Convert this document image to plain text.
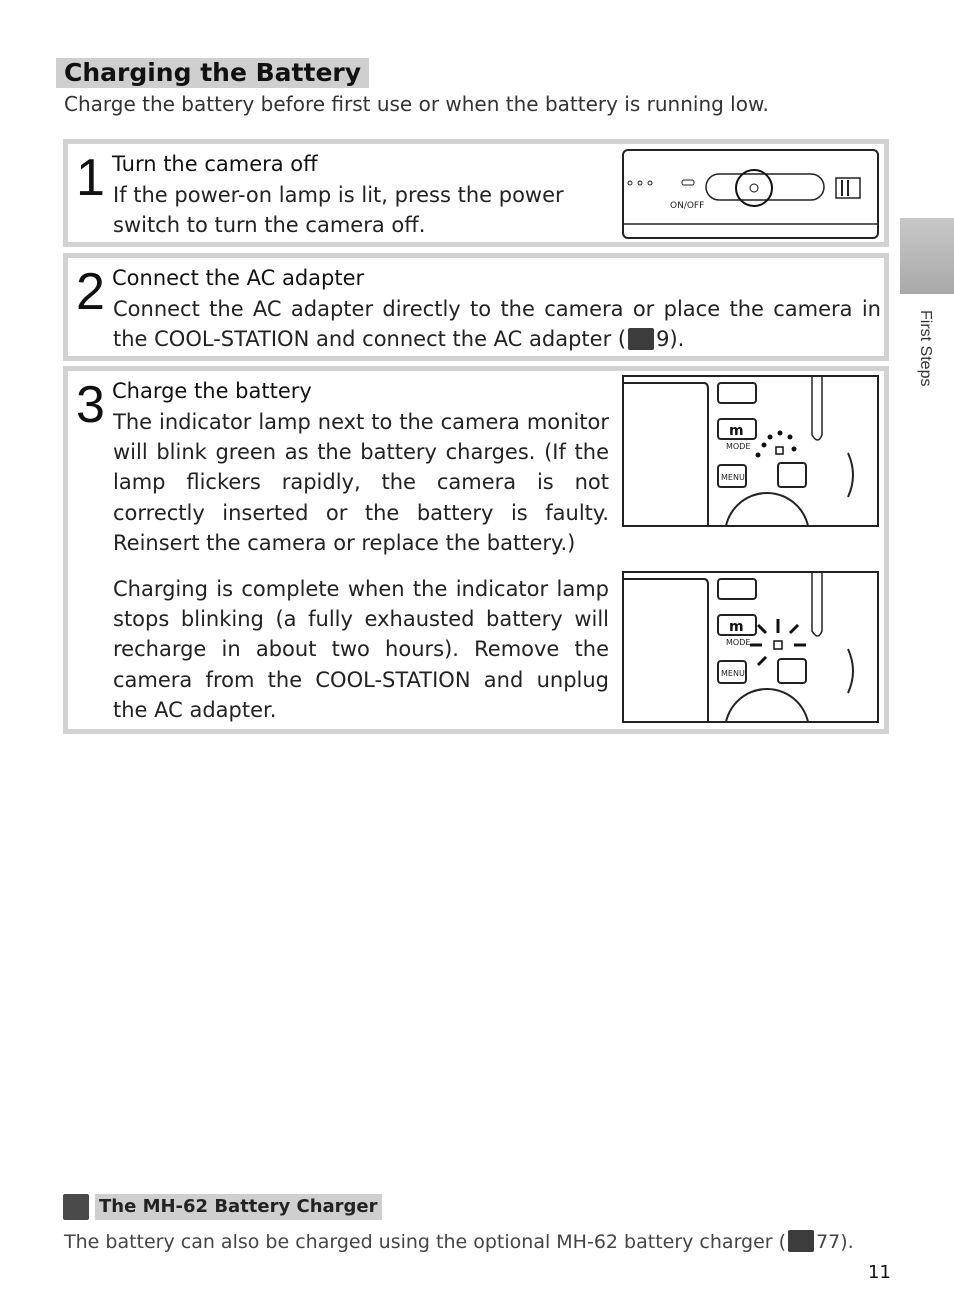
Charging the Battery
Charge the battery before first use or when the battery is running low.
1 Turn the camera off
If the power-on lamp is lit, press the power switch to turn the camera off.
ON/OFF
2 Connect the AC adapter
Connect the AC adapter directly to the camera or place the camera in the COOL-STATION and connect the AC adapter ( 9).
3 Charge the battery
The indicator lamp next to the camera monitor will blink green as the battery charges. (If the lamp flickers rapidly, the camera is not correctly inserted or the battery is faulty. Reinsert the camera or replace the battery.)
Charging is complete when the indicator lamp stops blinking (a fully exhausted battery will recharge in about two hours). Remove the camera from the COOL-STATION and unplug the AC adapter.
m
MODE
MENU
m
MODE
MENU
First Steps
The MH-62 Battery Charger
The battery can also be charged using the optional MH-62 battery charger ( 77).
11
